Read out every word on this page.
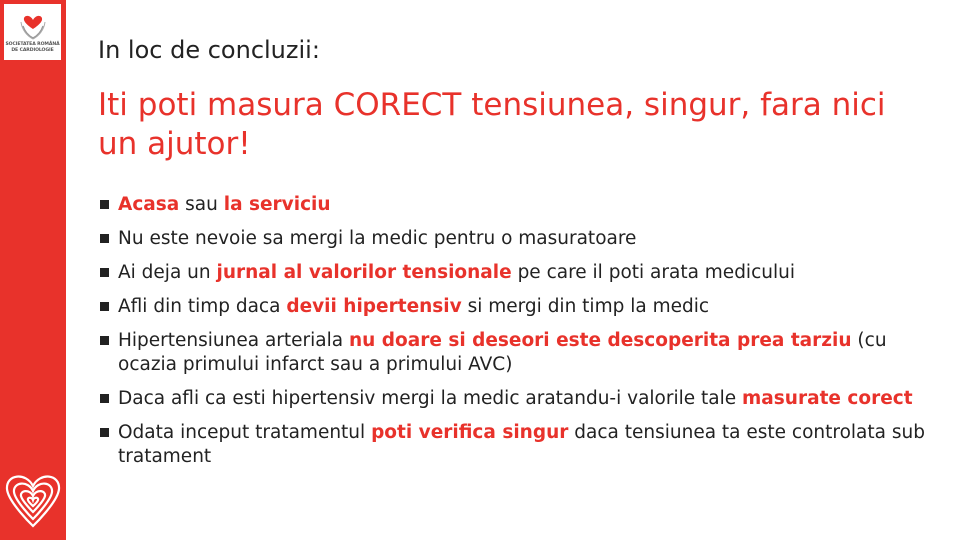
SOCIETATEA ROMÂNĂ
DE CARDIOLOGIE	In loc de concluzii:
Iti poti masura CORECT tensiunea, singur, fara nici un ajutor!
Acasa sau la serviciu
Nu este nevoie sa mergi la medic pentru o masuratoare
Ai deja un jurnal al valorilor tensionale pe care il poti arata medicului
Afli din timp daca devii hipertensiv si mergi din timp la medic
Hipertensiunea arteriala nu doare si deseori este descoperita prea tarziu (cu ocazia primului infarct sau a primului AVC)
Daca afli ca esti hipertensiv mergi la medic aratandu-i valorile tale masurate corect
Odata inceput tratamentul poti verifica singur daca tensiunea ta este controlata sub tratament
